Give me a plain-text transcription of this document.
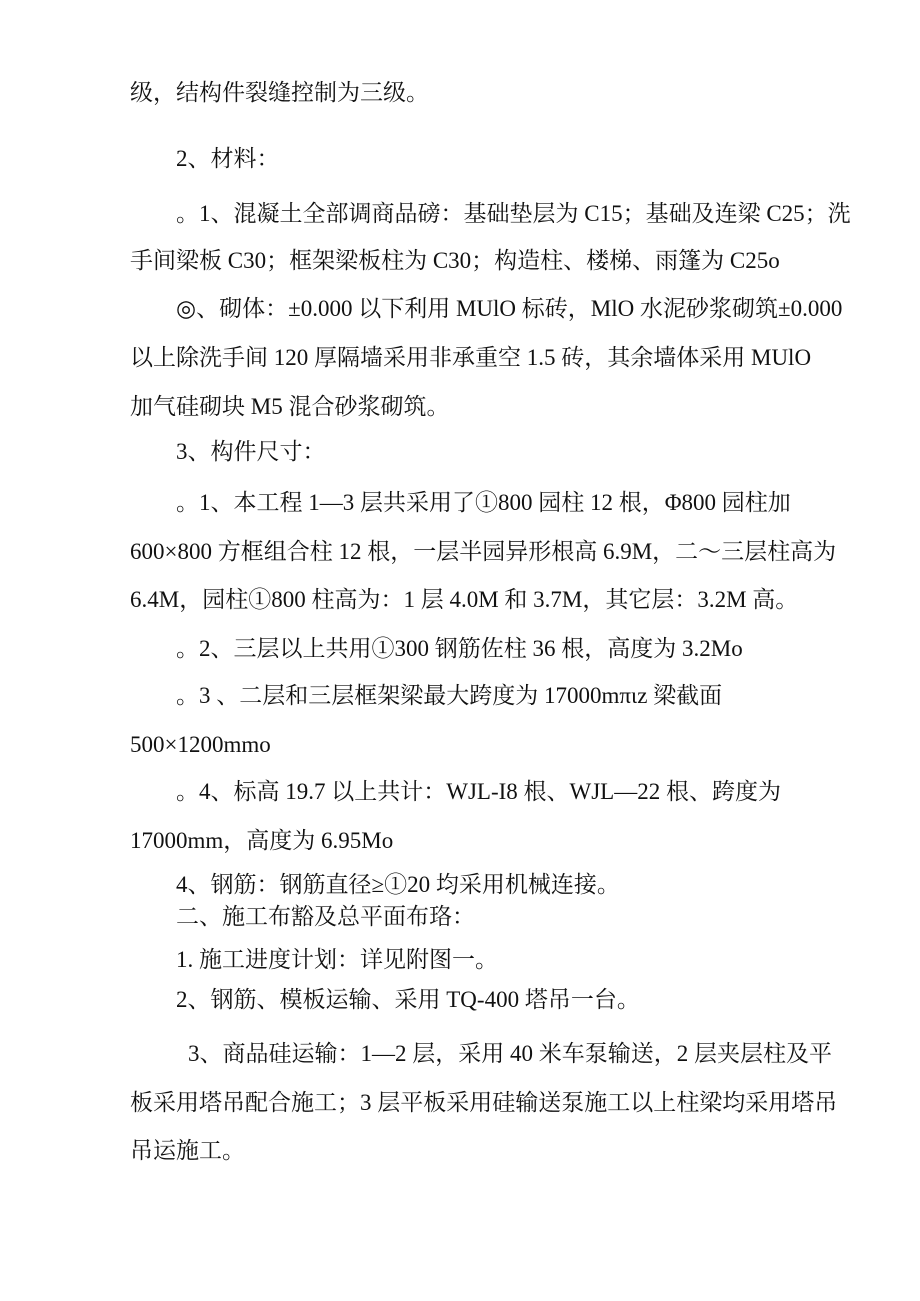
级，结构件裂缝控制为三级。
2、材料：
。1、混凝土全部调商品磅：基础垫层为 C15；基础及连梁 C25；洗
手间梁板 C30；框架梁板柱为 C30；构造柱、楼梯、雨篷为 C25o
◎、砌体：±0.000 以下利用 MUlO 标砖，MlO 水泥砂浆砌筑±0.000
以上除洗手间 120 厚隔墙采用非承重空 1.5 砖，其余墙体采用 MUlO
加气硅砌块 M5 混合砂浆砌筑。
3、构件尺寸：
。1、本工程 1—3 层共采用了①800 园柱 12 根，Φ800 园柱加
600×800 方框组合柱 12 根，一层半园异形根高 6.9M，二～三层柱高为
6.4M，园柱①800 柱高为：1 层 4.0M 和 3.7M，其它层：3.2M 高。
。2、三层以上共用①300 钢筋佐柱 36 根，高度为 3.2Mo
。3 、二层和三层框架梁最大跨度为 17000mπιz 梁截面
500×1200mmo
。4、标高 19.7 以上共计：WJL-I8 根、WJL—22 根、跨度为
17000mm，高度为 6.95Mo
4、钢筋：钢筋直径≥①20 均采用机械连接。
二、施工布豁及总平面布珞：
1. 施工进度计划：详见附图一。
2、钢筋、模板运输、采用 TQ-400 塔吊一台。
3、商品硅运输：1—2 层，采用 40 米车泵输送，2 层夹层柱及平
板采用塔吊配合施工；3 层平板采用硅输送泵施工以上柱梁均采用塔吊
吊运施工。
